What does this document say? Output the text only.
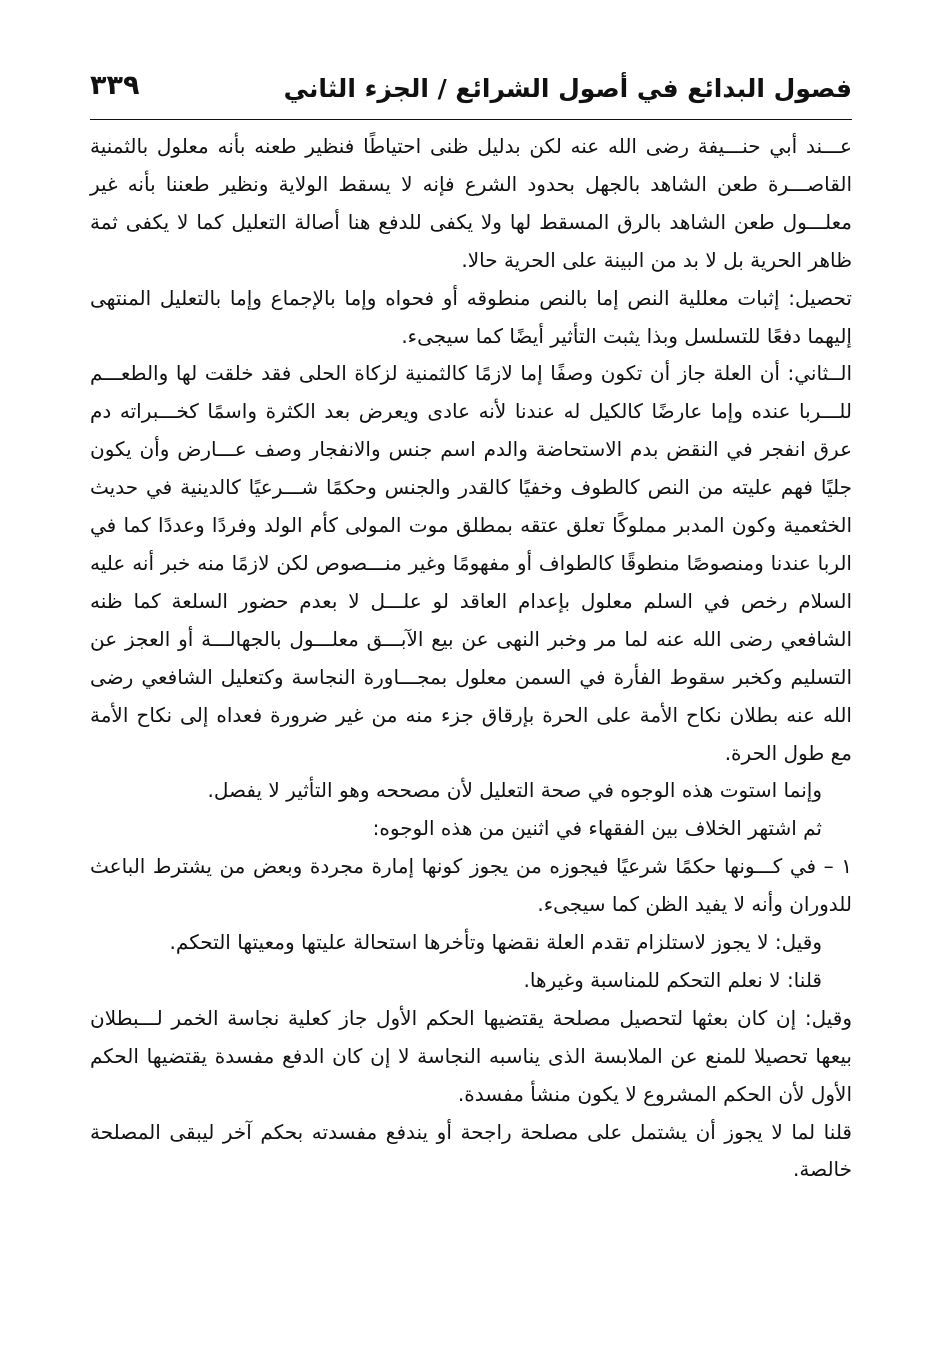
فصول البدائع في أصول الشرائع / الجزء الثاني
٣٣٩

عـــند أبي حنـــيفة رضى الله عنه لكن بدليل ظنى احتياطًا فنظير طعنه بأنه معلول بالثمنية القاصـــرة طعن الشاهد بالجهل بحدود الشرع فإنه لا يسقط الولاية ونظير طعننا بأنه غير معلـــول طعن الشاهد بالرق المسقط لها ولا يكفى للدفع هنا أصالة التعليل كما لا يكفى ثمة ظاهر الحرية بل لا بد من البينة على الحرية حالا.

تحصيل: إثبات معللية النص إما بالنص منطوقه أو فحواه وإما بالإجماع وإما بالتعليل المنتهى إليهما دفعًا للتسلسل وبذا يثبت التأثير أيضًا كما سيجىء.

الــثاني: أن العلة جاز أن تكون وصفًا إما لازمًا كالثمنية لزكاة الحلى فقد خلقت لها والطعـــم للـــربا عنده وإما عارضًا كالكيل له عندنا لأنه عادى ويعرض بعد الكثرة واسمًا كخـــبراته دم عرق انفجر في النقض بدم الاستحاضة والدم اسم جنس والانفجار وصف عـــارض وأن يكون جليًا فهم عليته من النص كالطوف وخفيًا كالقدر والجنس وحكمًا شـــرعيًا كالدينية في حديث الخثعمية وكون المدبر مملوكًا تعلق عتقه بمطلق موت المولى كأم الولد وفردًا وعددًا كما في الربا عندنا ومنصوصًا منطوقًا كالطواف أو مفهومًا وغير منـــصوص لكن لازمًا منه خبر أنه عليه السلام رخص في السلم معلول بإعدام العاقد لو علـــل لا بعدم حضور السلعة كما ظنه الشافعي رضى الله عنه لما مر وخبر النهى عن بيع الآبـــق معلـــول بالجهالـــة أو العجز عن التسليم وكخبر سقوط الفأرة في السمن معلول بمجـــاورة النجاسة وكتعليل الشافعي رضى الله عنه بطلان نكاح الأمة على الحرة بإرقاق جزء منه من غير ضرورة فعداه إلى نكاح الأمة مع طول الحرة.

وإنما استوت هذه الوجوه في صحة التعليل لأن مصححه وهو التأثير لا يفصل.

ثم اشتهر الخلاف بين الفقهاء في اثنين من هذه الوجوه:

١ – في كـــونها حكمًا شرعيًا فيجوزه من يجوز كونها إمارة مجردة وبعض من يشترط الباعث للدوران وأنه لا يفيد الظن كما سيجىء.

وقيل: لا يجوز لاستلزام تقدم العلة نقضها وتأخرها استحالة عليتها ومعيتها التحكم.

قلنا: لا نعلم التحكم للمناسبة وغيرها.

وقيل: إن كان بعثها لتحصيل مصلحة يقتضيها الحكم الأول جاز كعلية نجاسة الخمر لـــبطلان بيعها تحصيلا للمنع عن الملابسة الذى يناسبه النجاسة لا إن كان الدفع مفسدة يقتضيها الحكم الأول لأن الحكم المشروع لا يكون منشأ مفسدة.

قلنا لما لا يجوز أن يشتمل على مصلحة راجحة أو يندفع مفسدته بحكم آخر ليبقى المصلحة خالصة.
